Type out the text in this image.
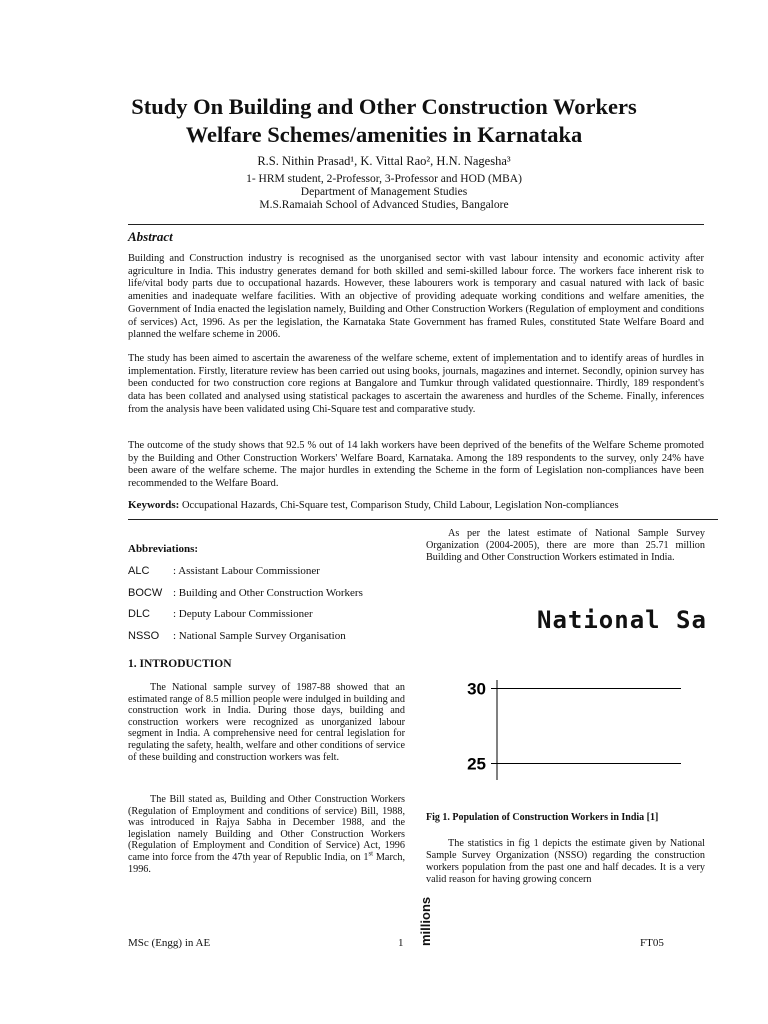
Study On Building and Other Construction Workers
Welfare Schemes/amenities in Karnataka
R.S. Nithin Prasad¹, K. Vittal Rao², H.N. Nagesha³
1- HRM student, 2-Professor, 3-Professor and HOD (MBA)
Department of Management Studies
M.S.Ramaiah School of Advanced Studies, Bangalore
Abstract

Building and Construction industry is recognised as the unorganised sector with vast labour intensity and economic activity after agriculture in India. This industry generates demand for both skilled and semi-skilled labour force. The workers face inherent risk to life/vital body parts due to occupational hazards. However, these labourers work is temporary and casual natured with lack of basic amenities and inadequate welfare facilities. With an objective of providing adequate working conditions and welfare amenities, the Government of India enacted the legislation namely, Building and Other Construction Workers (Regulation of employment and conditions of services) Act, 1996. As per the legislation, the Karnataka State Government has framed Rules, constituted State Welfare Board and planned the welfare scheme in 2006.

The study has been aimed to ascertain the awareness of the welfare scheme, extent of implementation and to identify areas of hurdles in implementation. Firstly, literature review has been carried out using books, journals, magazines and internet. Secondly, opinion survey has been conducted for two construction core regions at Bangalore and Tumkur through validated questionnaire. Thirdly, 189 respondent's data has been collated and analysed using statistical packages to ascertain the awareness and hurdles of the Scheme. Finally, inferences from the analysis have been validated using Chi-Square test and comparative study.

The outcome of the study shows that 92.5 % out of 14 lakh workers have been deprived of the benefits of the Welfare Scheme promoted by the Building and Other Construction Workers' Welfare Board, Karnataka. Among the 189 respondents to the survey, only 24% have been aware of the welfare scheme. The major hurdles in extending the Scheme in the form of Legislation non-compliances have been recommended to the Welfare Board.

Keywords: Occupational Hazards, Chi-Square test, Comparison Study, Child Labour, Legislation Non-compliances
Abbreviations:
ALC : Assistant Labour Commissioner
BOCW : Building and Other Construction Workers
DLC : Deputy Labour Commissioner
NSSO : National Sample Survey Organisation
1. INTRODUCTION

The National sample survey of 1987-88 showed that an estimated range of 8.5 million people were indulged in building and construction work in India. During those days, building and construction workers were recognized as unorganized labour segment in India. A comprehensive need for central legislation for regulating the safety, health, welfare and other conditions of service of these building and construction workers was felt.

The Bill stated as, Building and Other Construction Workers (Regulation of Employment and conditions of service) Bill, 1988, was introduced in Rajya Sabha in December 1988, and the legislation namely Building and Other Construction Workers (Regulation of Employment and Condition of Service) Act, 1996 came into force from the 47th year of Republic India, on 1st March, 1996.

As per the latest estimate of National Sample Survey Organization (2004-2005), there are more than 25.71 million Building and Other Construction Workers estimated in India.

National Sa
30
25
Fig 1. Population of Construction Workers in India [1]

The statistics in fig 1 depicts the estimate given by National Sample Survey Organization (NSSO) regarding the construction workers population from the past one and half decades. It is a very valid reason for having growing concern

MSc (Engg) in AE	1	FT05
millions
